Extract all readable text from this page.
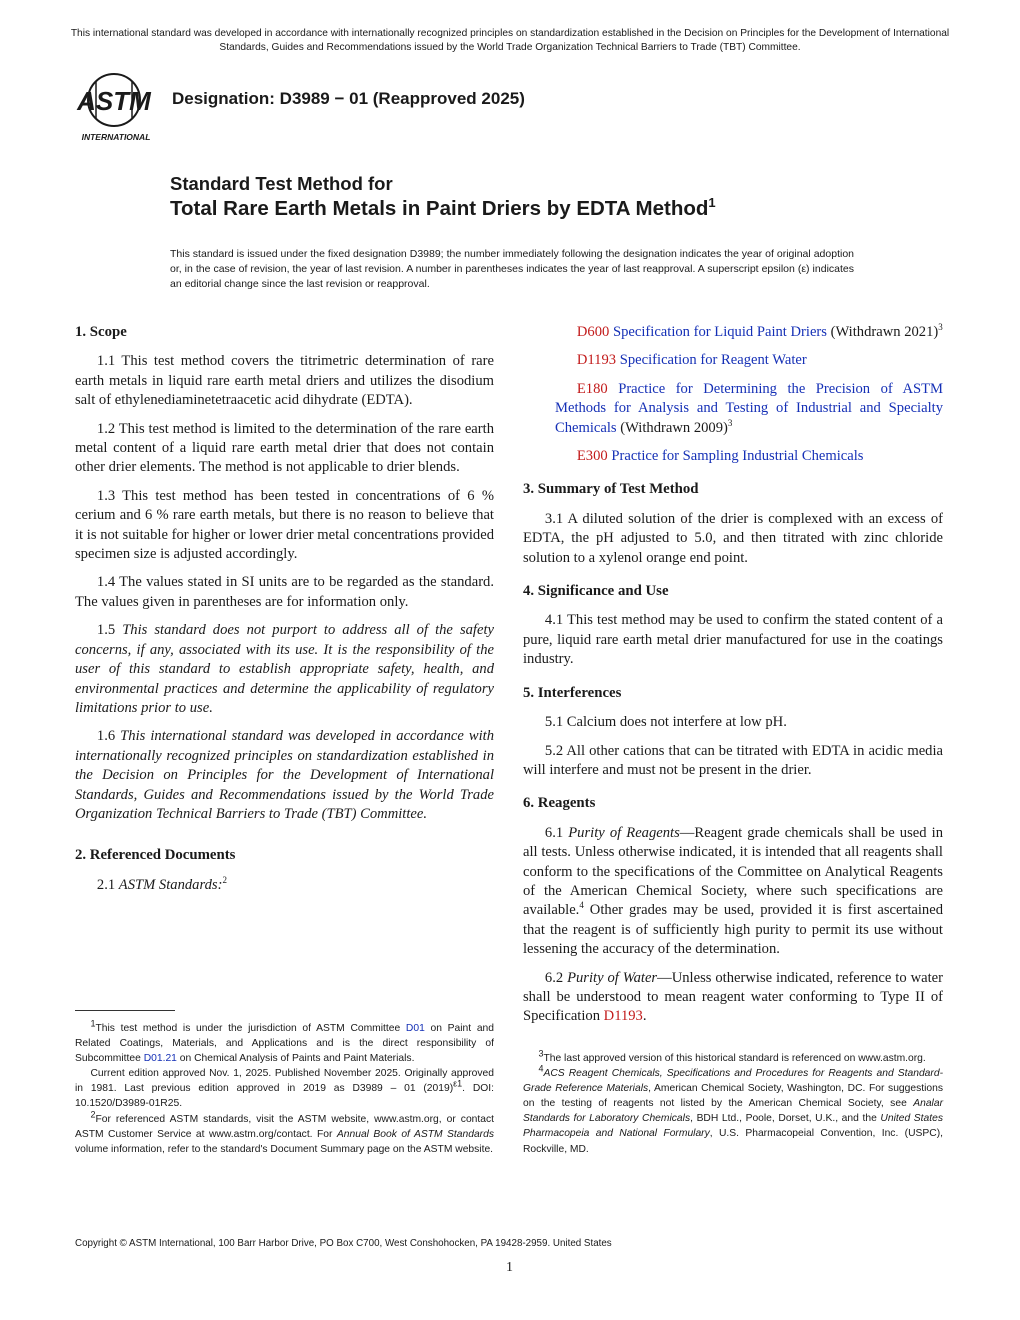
This international standard was developed in accordance with internationally recognized principles on standardization established in the Decision on Principles for the Development of International Standards, Guides and Recommendations issued by the World Trade Organization Technical Barriers to Trade (TBT) Committee.
ASTM
INTERNATIONAL
Designation: D3989 − 01 (Reapproved 2025)
Standard Test Method for
Total Rare Earth Metals in Paint Driers by EDTA Method$^1$
This standard is issued under the fixed designation D3989; the number immediately following the designation indicates the year of original adoption or, in the case of revision, the year of last revision. A number in parentheses indicates the year of last reapproval. A superscript epsilon (ε) indicates an editorial change since the last revision or reapproval.
1. Scope

1.1 This test method covers the titrimetric determination of rare earth metals in liquid rare earth metal driers and utilizes the disodium salt of ethylenediaminetetraacetic acid dihydrate (EDTA).

1.2 This test method is limited to the determination of the rare earth metal content of a liquid rare earth metal drier that does not contain other drier elements. The method is not applicable to drier blends.

1.3 This test method has been tested in concentrations of 6 % cerium and 6 % rare earth metals, but there is no reason to believe that it is not suitable for higher or lower drier metal concentrations provided specimen size is adjusted accordingly.

1.4 The values stated in SI units are to be regarded as the standard. The values given in parentheses are for information only.

1.5 This standard does not purport to address all of the safety concerns, if any, associated with its use. It is the responsibility of the user of this standard to establish appropriate safety, health, and environmental practices and determine the applicability of regulatory limitations prior to use.

1.6 This international standard was developed in accordance with internationally recognized principles on standardization established in the Decision on Principles for the Development of International Standards, Guides and Recommendations issued by the World Trade Organization Technical Barriers to Trade (TBT) Committee.

2. Referenced Documents

2.1 ASTM Standards:$^2$

D600 Specification for Liquid Paint Driers (Withdrawn 2021)$^3$

D1193 Specification for Reagent Water

E180 Practice for Determining the Precision of ASTM Methods for Analysis and Testing of Industrial and Specialty Chemicals (Withdrawn 2009)$^3$

E300 Practice for Sampling Industrial Chemicals

3. Summary of Test Method

3.1 A diluted solution of the drier is complexed with an excess of EDTA, the pH adjusted to 5.0, and then titrated with zinc chloride solution to a xylenol orange end point.

4. Significance and Use

4.1 This test method may be used to confirm the stated content of a pure, liquid rare earth metal drier manufactured for use in the coatings industry.

5. Interferences

5.1 Calcium does not interfere at low pH.

5.2 All other cations that can be titrated with EDTA in acidic media will interfere and must not be present in the drier.

6. Reagents

6.1 Purity of Reagents—Reagent grade chemicals shall be used in all tests. Unless otherwise indicated, it is intended that all reagents shall conform to the specifications of the Committee on Analytical Reagents of the American Chemical Society, where such specifications are available.$^4$ Other grades may be used, provided it is first ascertained that the reagent is of sufficiently high purity to permit its use without lessening the accuracy of the determination.

6.2 Purity of Water—Unless otherwise indicated, reference to water shall be understood to mean reagent water conforming to Type II of Specification D1193.

$^1$This test method is under the jurisdiction of ASTM Committee D01 on Paint and Related Coatings, Materials, and Applications and is the direct responsibility of Subcommittee D01.21 on Chemical Analysis of Paints and Paint Materials.

Current edition approved Nov. 1, 2025. Published November 2025. Originally approved in 1981. Last previous edition approved in 2019 as D3989 – 01 $(2019)^{\varepsilon 1}$. DOI: 10.1520/D3989-01R25.

$^2$For referenced ASTM standards, visit the ASTM website, www.astm.org, or contact ASTM Customer Service at www.astm.org/contact. For Annual Book of ASTM Standards volume information, refer to the standard's Document Summary page on the ASTM website.

$^3$The last approved version of this historical standard is referenced on www.astm.org.

$^4$ACS Reagent Chemicals, Specifications and Procedures for Reagents and Standard-Grade Reference Materials, American Chemical Society, Washington, DC. For suggestions on the testing of reagents not listed by the American Chemical Society, see Analar Standards for Laboratory Chemicals, BDH Ltd., Poole, Dorset, U.K., and the United States Pharmacopeia and National Formulary, U.S. Pharmacopeial Convention, Inc. (USPC), Rockville, MD.

Copyright © ASTM International, 100 Barr Harbor Drive, PO Box C700, West Conshohocken, PA 19428-2959. United States
1
